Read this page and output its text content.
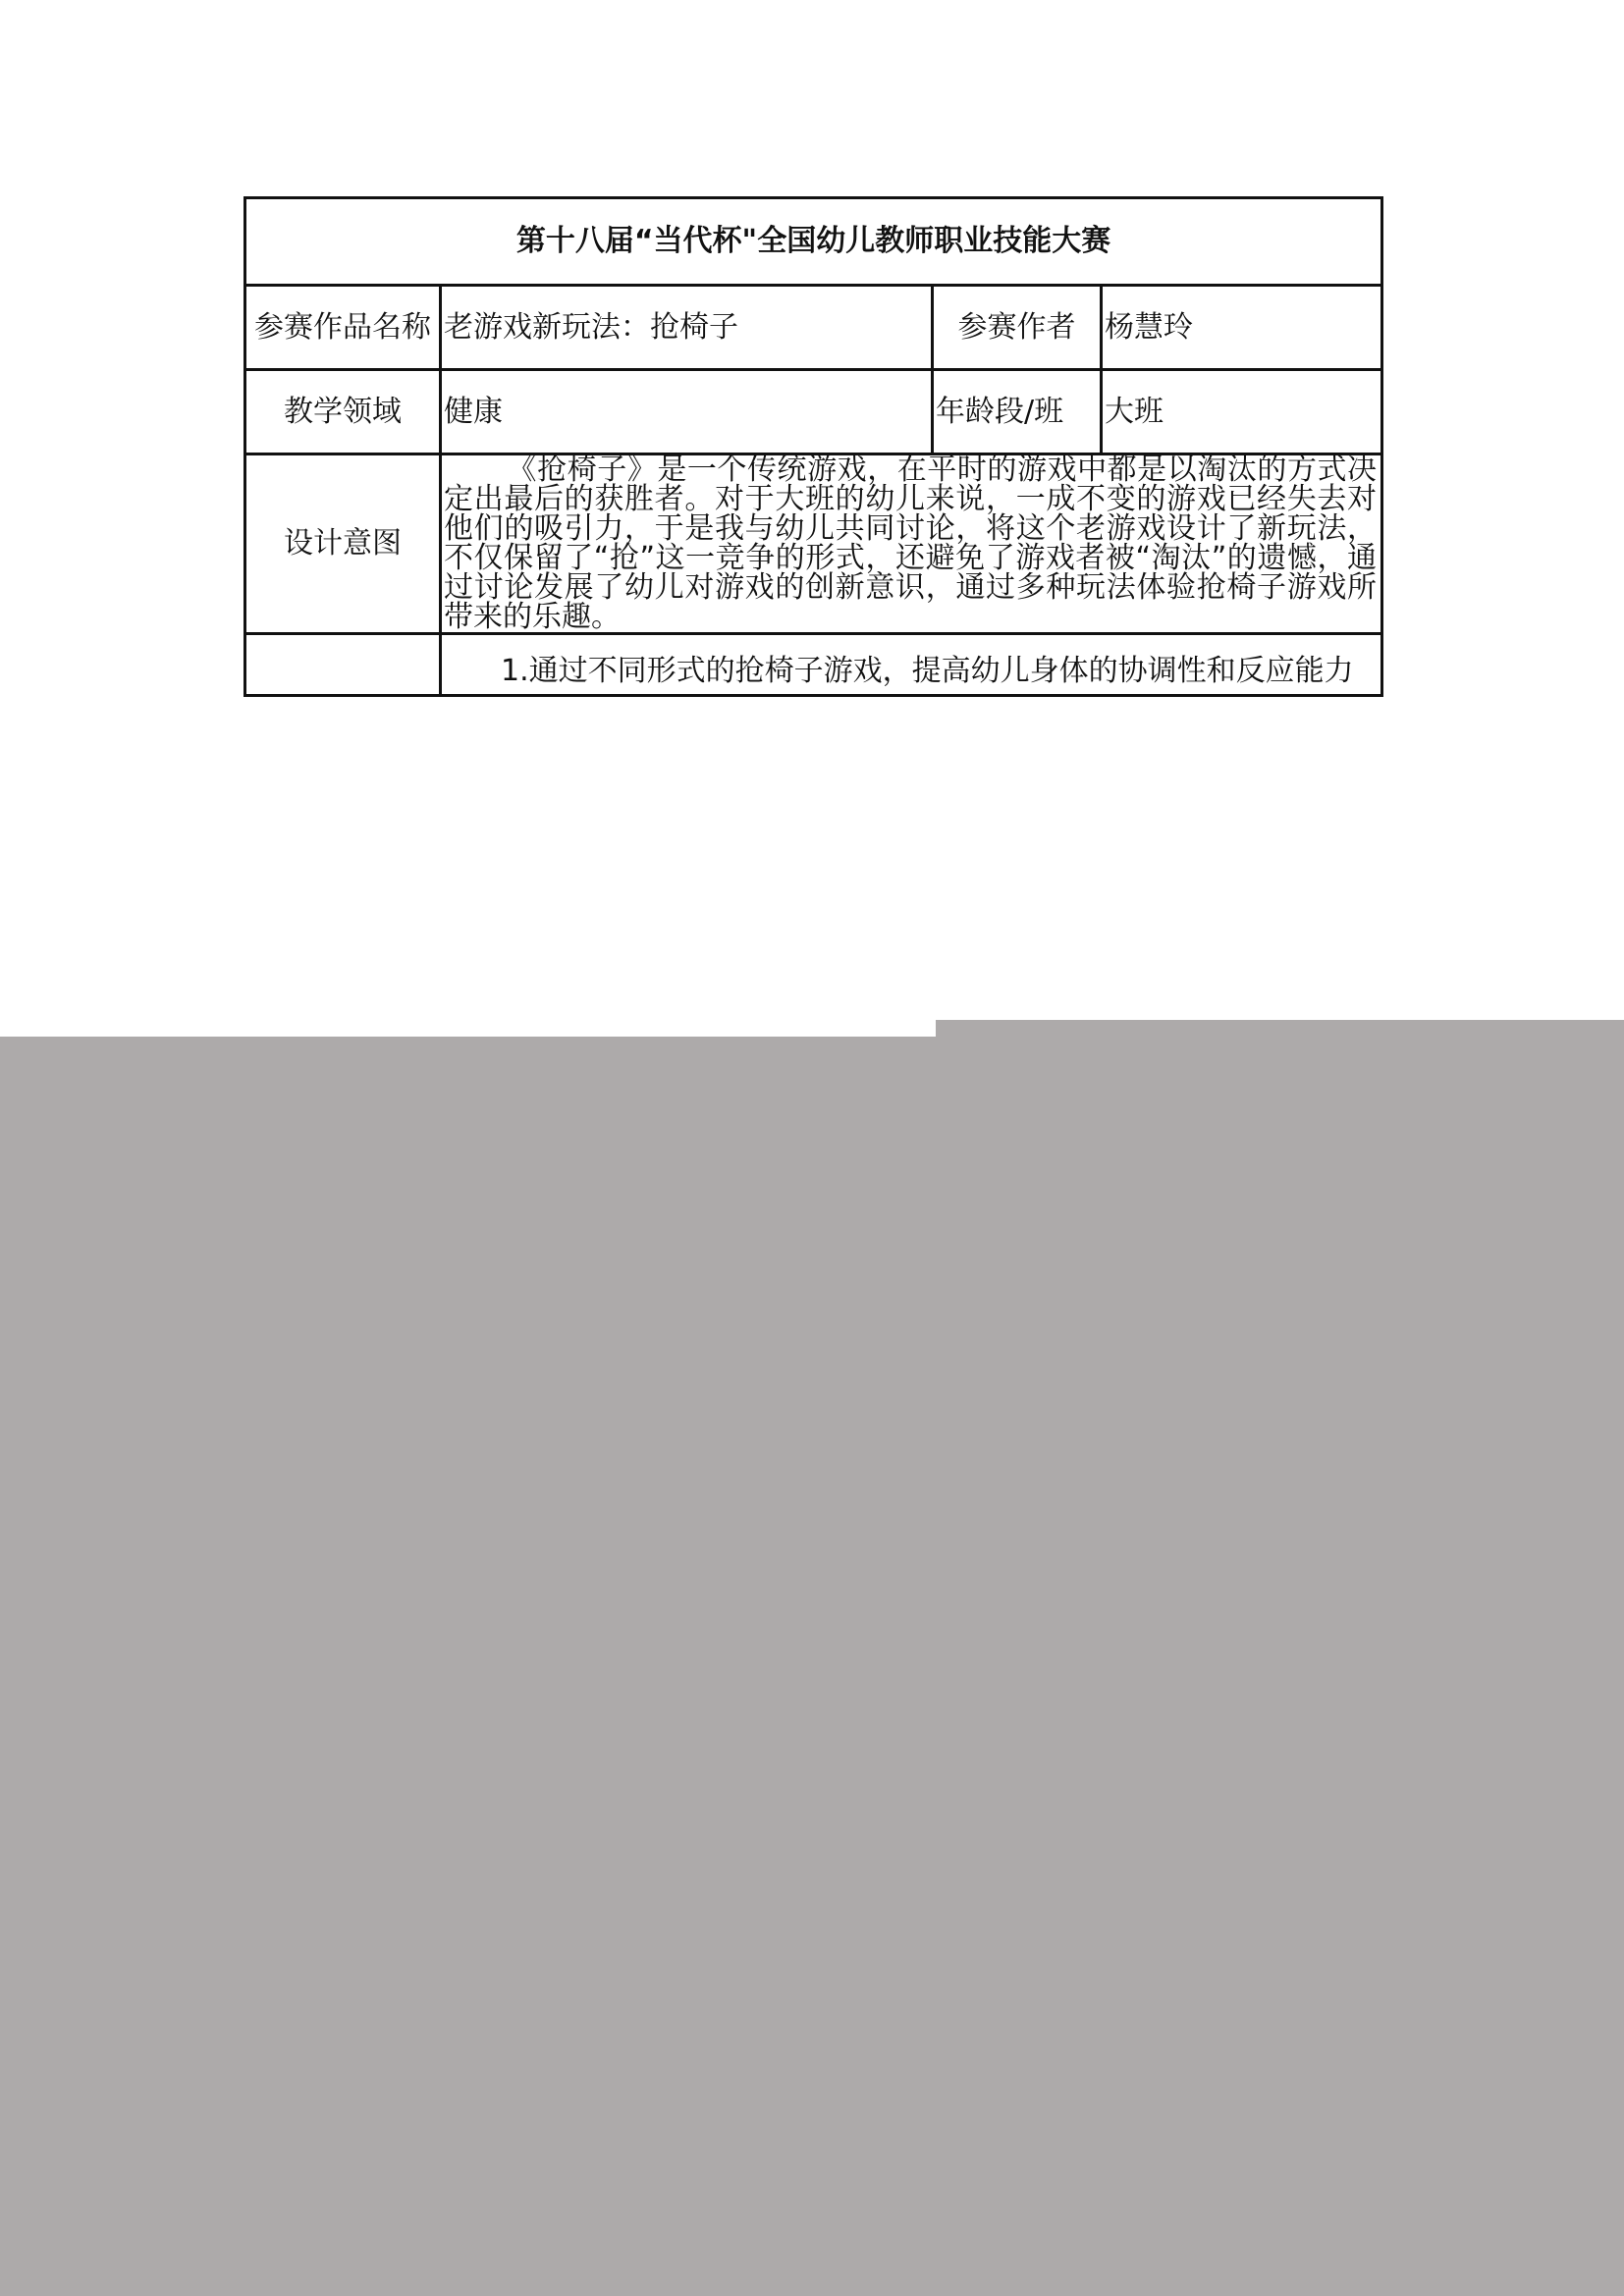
第十八届“当代杯"全国幼儿教师职业技能大赛			
参赛作品名称	老游戏新玩法：抢椅子	参赛作者	杨慧玲
教学领域	健康	年龄段/班	大班
设计意图	《抢椅子》是一个传统游戏，在平时的游戏中都是以淘汰的方式决定出最后的获胜者。对于大班的幼儿来说，一成不变的游戏已经失去对他们的吸引力，于是我与幼儿共同讨论，将这个老游戏设计了新玩法，不仅保留了“抢”这一竞争的形式，还避免了游戏者被“淘汰”的遗憾，通过讨论发展了幼儿对游戏的创新意识，通过多种玩法体验抢椅子游戏所带来的乐趣。		

	1.通过不同形式的抢椅子游戏，提高幼儿身体的协调性和反应能力		
